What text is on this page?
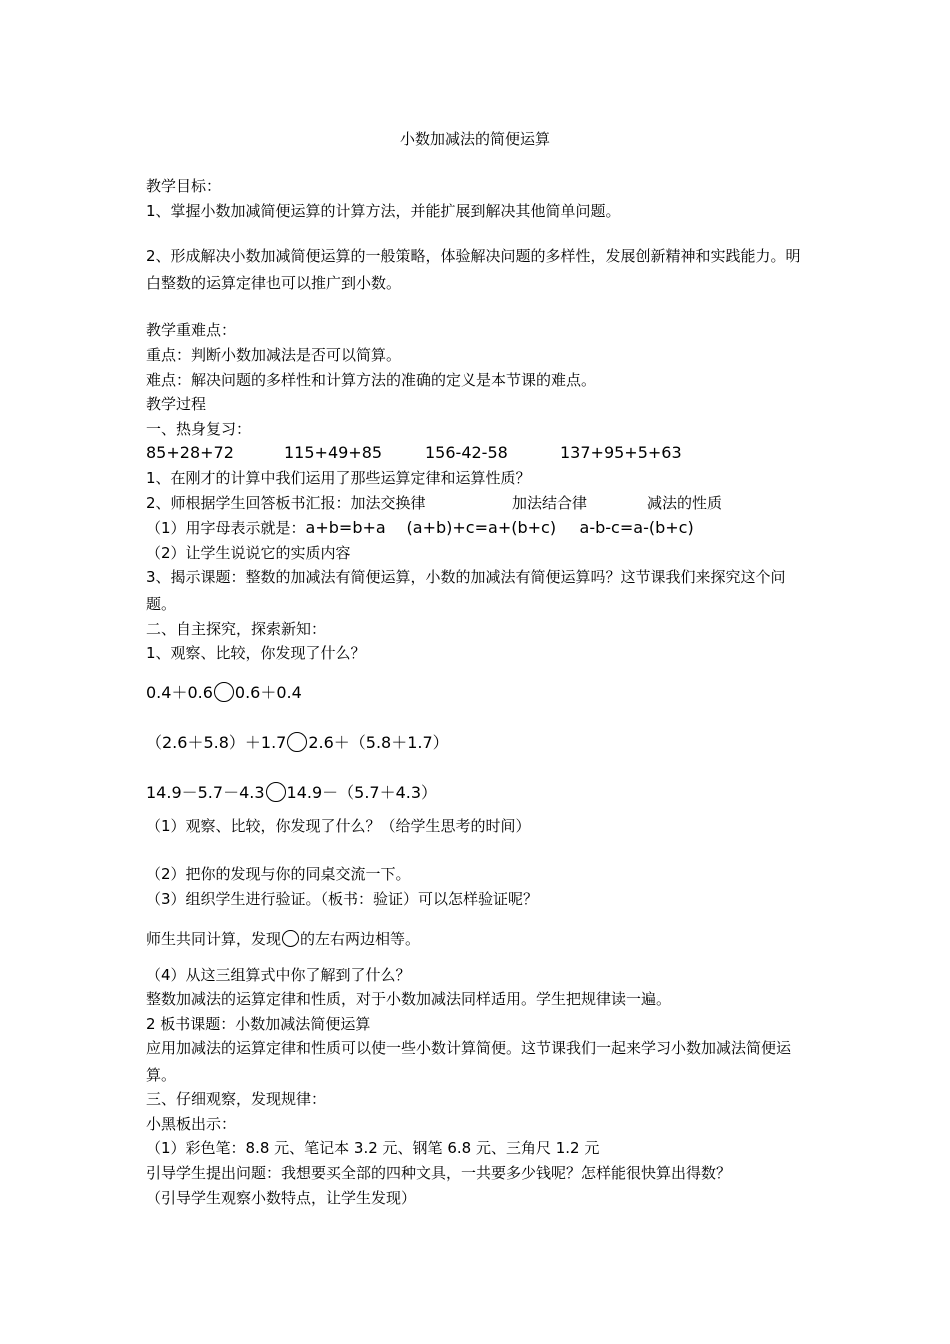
小数加减法的简便运算
教学目标：
1、掌握小数加减简便运算的计算方法，并能扩展到解决其他简单问题。
2、形成解决小数加减简便运算的一般策略，体验解决问题的多样性，发展创新精神和实践能力。明白整数的运算定律也可以推广到小数。
教学重难点：
重点：判断小数加减法是否可以简算。
难点：解决问题的多样性和计算方法的准确的定义是本节课的难点。
教学过程
一、热身复习：
85+28+72	115+49+85	156-42-58	137+95+5+63
1、在刚才的计算中我们运用了那些运算定律和运算性质？
2、师根据学生回答板书汇报：加法交换律	加法结合律	减法的性质
（1）用字母表示就是：a+b=b+a (a+b)+c=a+(b+c) a-b-c=a-(b+c)
（2）让学生说说它的实质内容
3、揭示课题：整数的加减法有简便运算，小数的加减法有简便运算吗？这节课我们来探究这个问题。
二、自主探究，探索新知：
1、观察、比较，你发现了什么？
0.4＋0.6 0.6＋0.4
（2.6＋5.8）＋1.7 2.6＋（5.8＋1.7）
14.9－5.7－4.3 14.9－（5.7＋4.3）
（1）观察、比较，你发现了什么？（给学生思考的时间）
（2）把你的发现与你的同桌交流一下。
（3）组织学生进行验证。（板书：验证）可以怎样验证呢？
师生共同计算，发现 的左右两边相等。
（4）从这三组算式中你了解到了什么？
整数加减法的运算定律和性质，对于小数加减法同样适用。学生把规律读一遍。
2 板书课题：小数加减法简便运算
应用加减法的运算定律和性质可以使一些小数计算简便。这节课我们一起来学习小数加减法简便运算。
三、仔细观察，发现规律：
小黑板出示：
（1）彩色笔：8.8 元、笔记本 3.2 元、钢笔 6.8 元、三角尺 1.2 元
引导学生提出问题：我想要买全部的四种文具，一共要多少钱呢？怎样能很快算出得数？
（引导学生观察小数特点，让学生发现）
